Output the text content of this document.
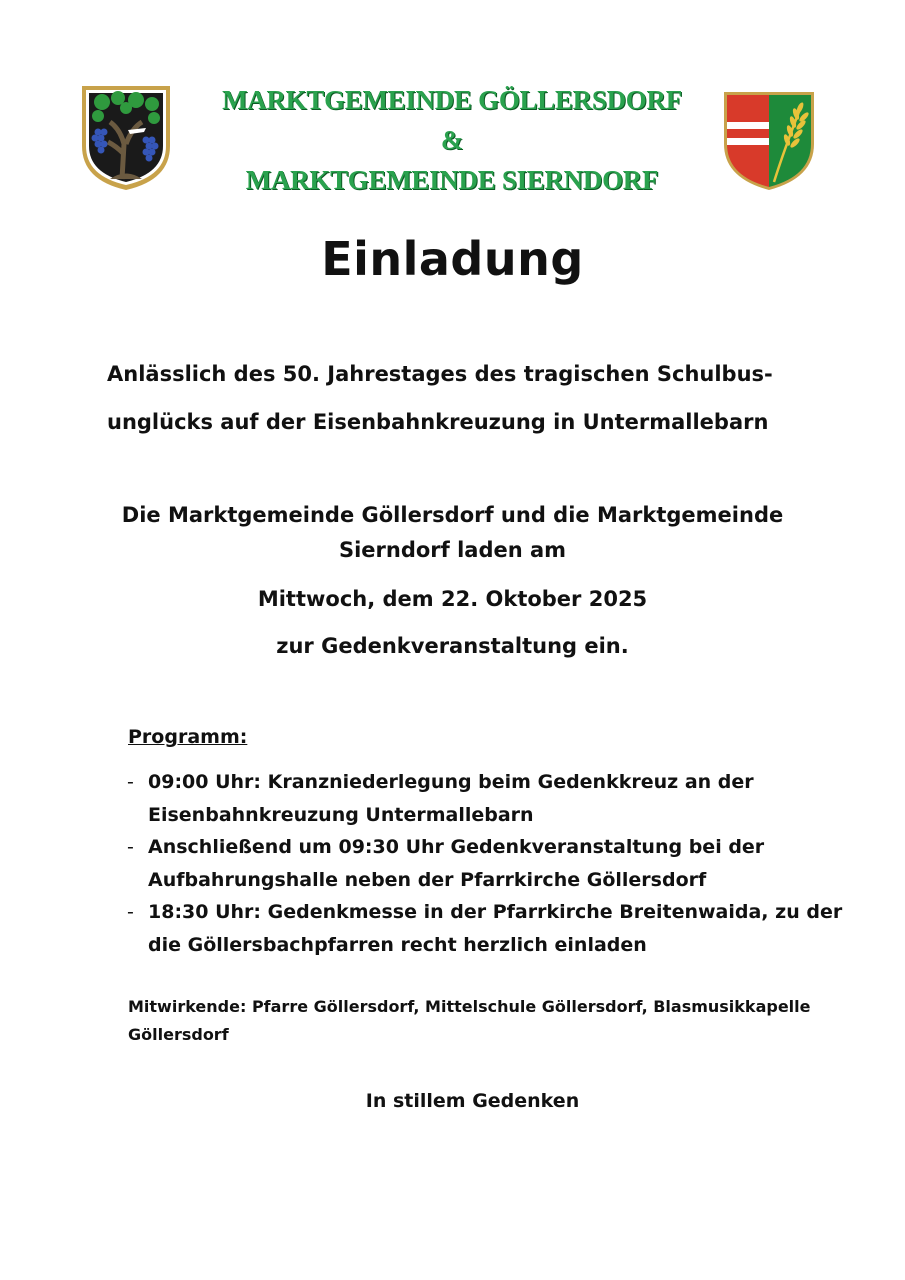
MARKTGEMEINDE GÖLLERSDORF
&
MARKTGEMEINDE SIERNDORF
Einladung
Anlässlich des 50. Jahrestages des tragischen Schulbus-
unglücks auf der Eisenbahnkreuzung in Untermallebarn
Die Marktgemeinde Göllersdorf und die Marktgemeinde
Sierndorf laden am
Mittwoch, dem 22. Oktober 2025
zur Gedenkveranstaltung ein.
Programm:
- 09:00 Uhr: Kranzniederlegung beim Gedenkkreuz an der
Eisenbahnkreuzung Untermallebarn
- Anschließend um 09:30 Uhr Gedenkveranstaltung bei der
Aufbahrungshalle neben der Pfarrkirche Göllersdorf
- 18:30 Uhr: Gedenkmesse in der Pfarrkirche Breitenwaida, zu der
die Göllersbachpfarren recht herzlich einladen
Mitwirkende: Pfarre Göllersdorf, Mittelschule Göllersdorf, Blasmusikkapelle
Göllersdorf
In stillem Gedenken
